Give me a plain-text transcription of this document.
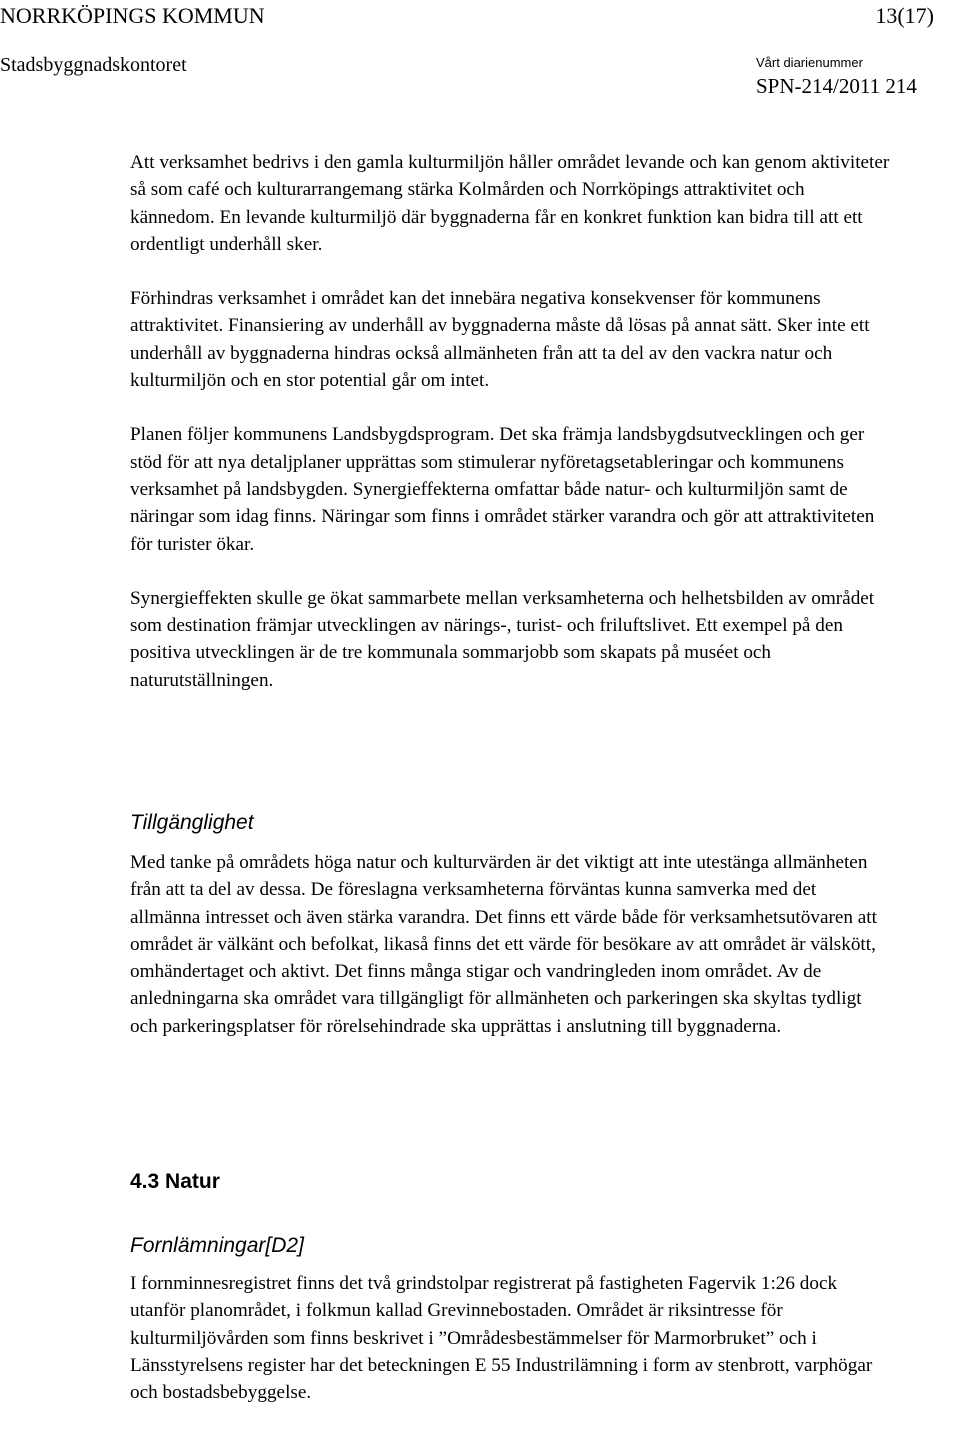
NORRKÖPINGS KOMMUN	13(17)
Stadsbyggnadskontoret	Vårt diarienummer
SPN-214/2011 214

Att verksamhet bedrivs i den gamla kulturmiljön håller området levande och kan genom aktiviteter så som café och kulturarrangemang stärka Kolmården och Norrköpings attraktivitet och kännedom. En levande kulturmiljö där byggnaderna får en konkret funktion kan bidra till att ett ordentligt underhåll sker.

Förhindras verksamhet i området kan det innebära negativa konsekvenser för kommunens attraktivitet. Finansiering av underhåll av byggnaderna måste då lösas på annat sätt. Sker inte ett underhåll av byggnaderna hindras också allmänheten från att ta del av den vackra natur och kulturmiljön och en stor potential går om intet.

Planen följer kommunens Landsbygdsprogram. Det ska främja landsbygdsutvecklingen och ger stöd för att nya detaljplaner upprättas som stimulerar nyföretagsetableringar och kommunens verksamhet på landsbygden. Synergieffekterna omfattar både natur- och kulturmiljön samt de näringar som idag finns. Näringar som finns i området stärker varandra och gör att attraktiviteten för turister ökar.

Synergieffekten skulle ge ökat sammarbete mellan verksamheterna och helhetsbilden av området som destination främjar utvecklingen av närings-, turist- och friluftslivet. Ett exempel på den positiva utvecklingen är de tre kommunala sommarjobb som skapats på muséet och naturutställningen.

Tillgänglighet

Med tanke på områdets höga natur och kulturvärden är det viktigt att inte utestänga allmänheten från att ta del av dessa. De föreslagna verksamheterna förväntas kunna samverka med det allmänna intresset och även stärka varandra. Det finns ett värde både för verksamhetsutövaren att området är välkänt och befolkat, likaså finns det ett värde för besökare av att området är välskött, omhändertaget och aktivt. Det finns många stigar och vandringleden inom området. Av de anledningarna ska området vara tillgängligt för allmänheten och parkeringen ska skyltas tydligt och parkeringsplatser för rörelsehindrade ska upprättas i anslutning till byggnaderna.

4.3 Natur
Fornlämningar[D2]

I fornminnesregistret finns det två grindstolpar registrerat på fastigheten Fagervik 1:26 dock utanför planområdet, i folkmun kallad Grevinnebostaden. Området är riksintresse för kulturmiljövården som finns beskrivet i ”Områdesbestämmelser för Marmorbruket” och i Länsstyrelsens register har det beteckningen E 55 Industrilämning i form av stenbrott, varphögar och bostadsbebyggelse.
